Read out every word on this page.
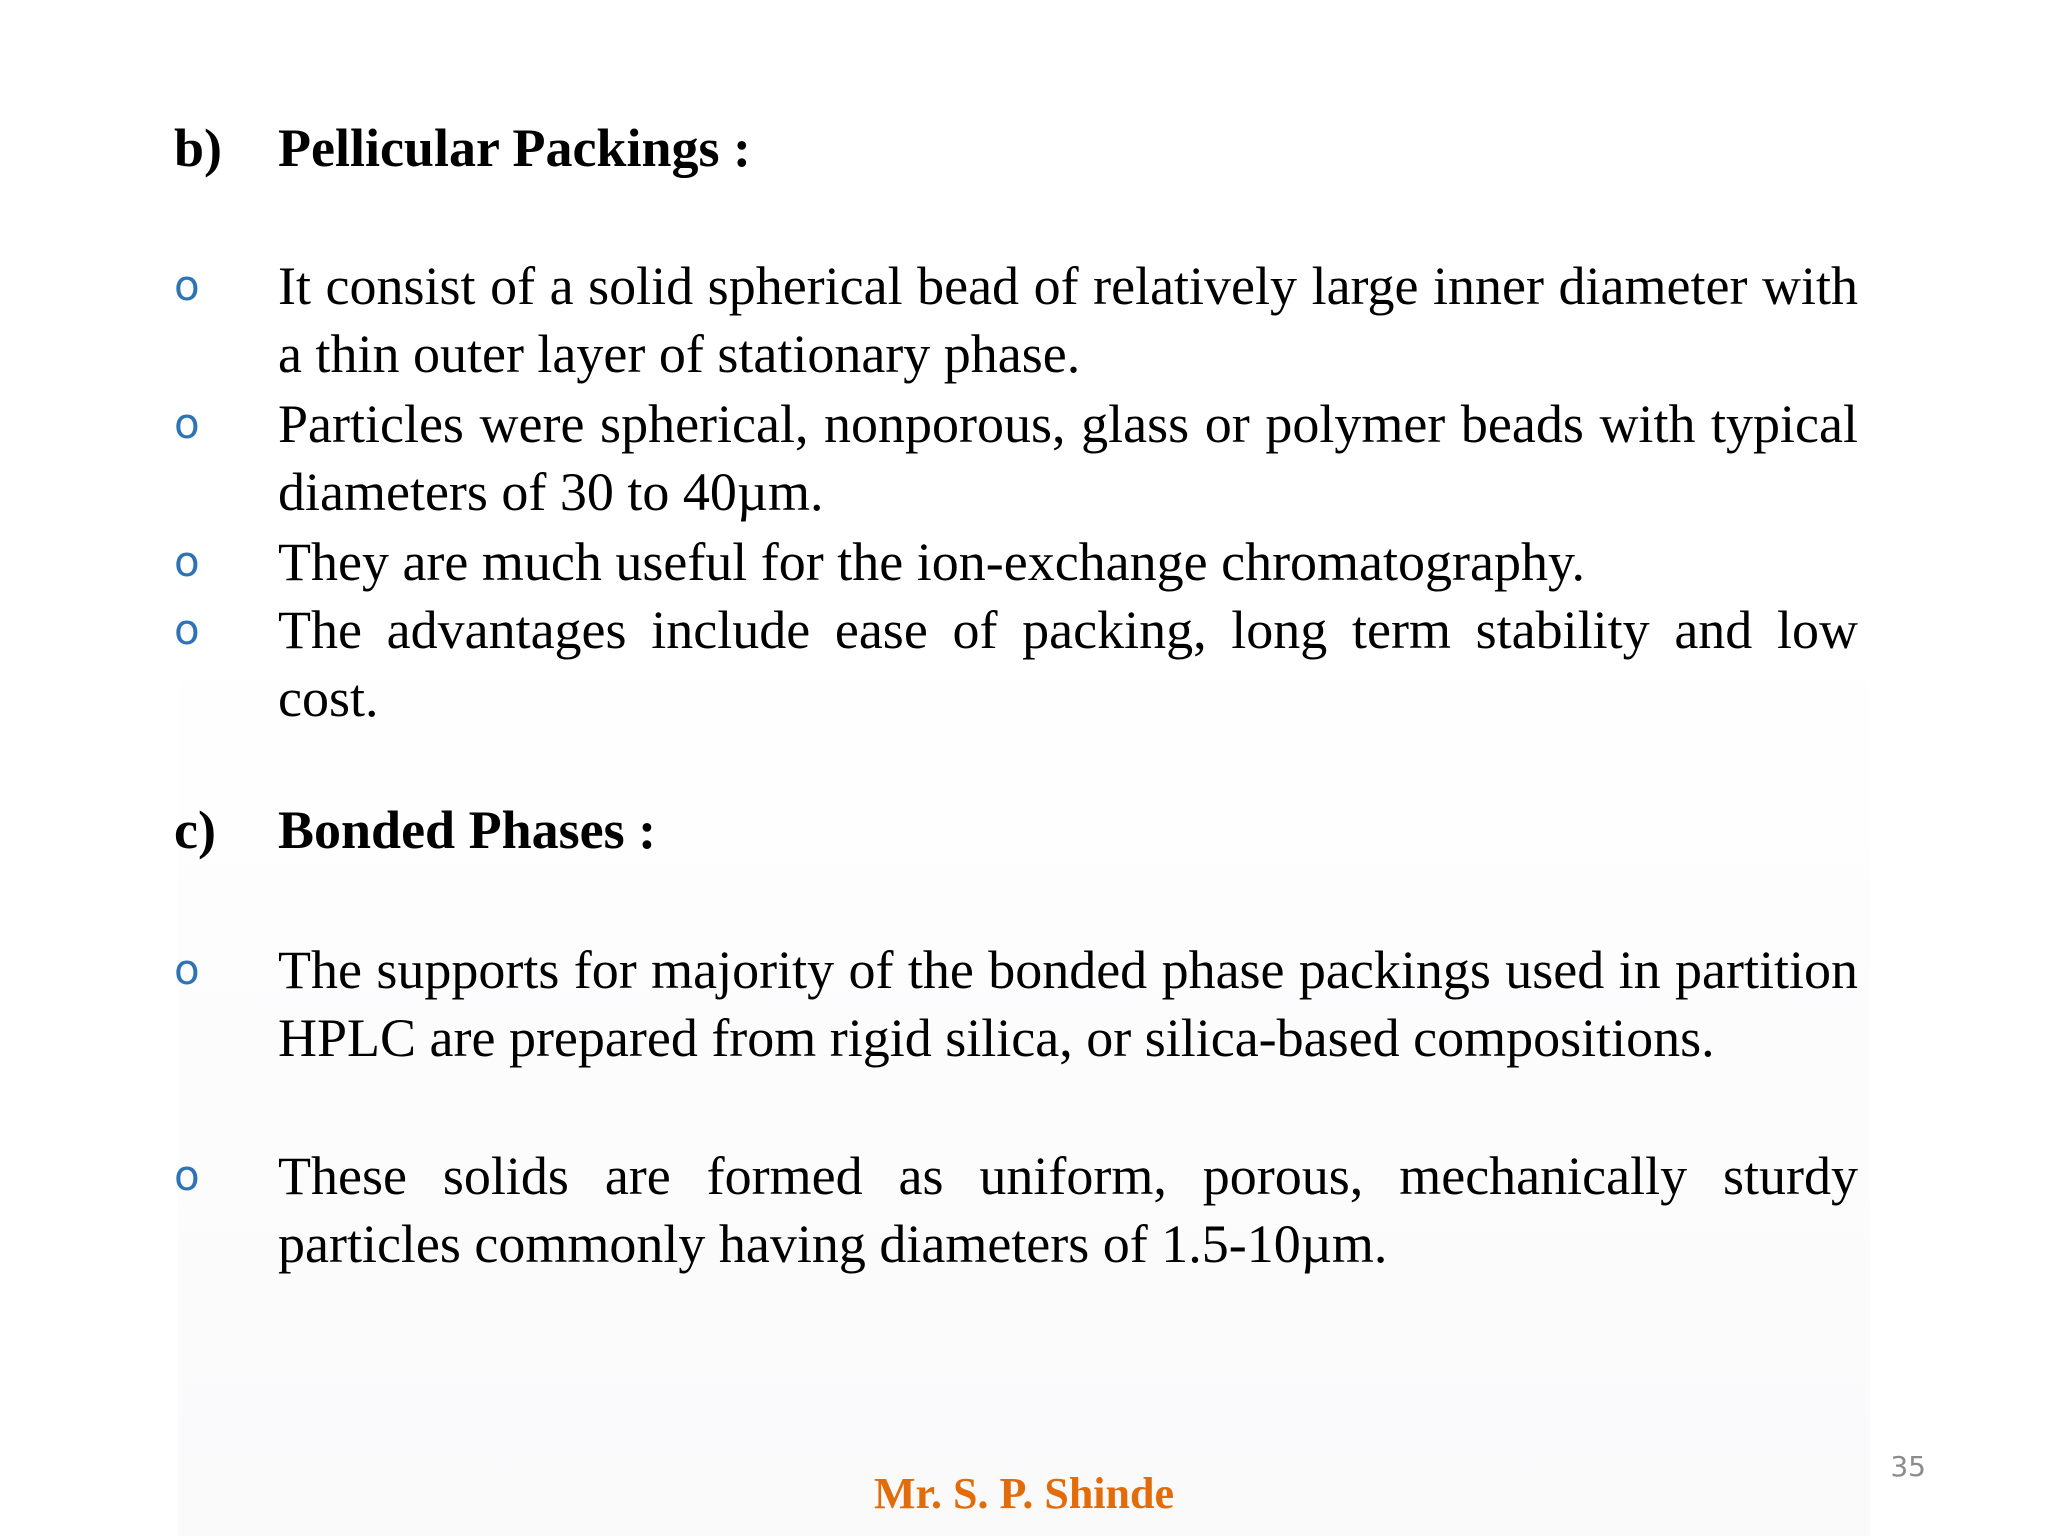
b) Pellicular Packings :
o It consist of a solid spherical bead of relatively large inner diameter with a thin outer layer of stationary phase.
o Particles were spherical, nonporous, glass or polymer beads with typical diameters of 30 to 40µm.
o They are much useful for the ion-exchange chromatography.
o The advantages include ease of packing, long term stability and low cost.
c) Bonded Phases :
o The supports for majority of the bonded phase packings used in partition HPLC are prepared from rigid silica, or silica-based compositions.
o These solids are formed as uniform, porous, mechanically sturdy particles commonly having diameters of 1.5-10µm.
Mr. S. P. Shinde
35
